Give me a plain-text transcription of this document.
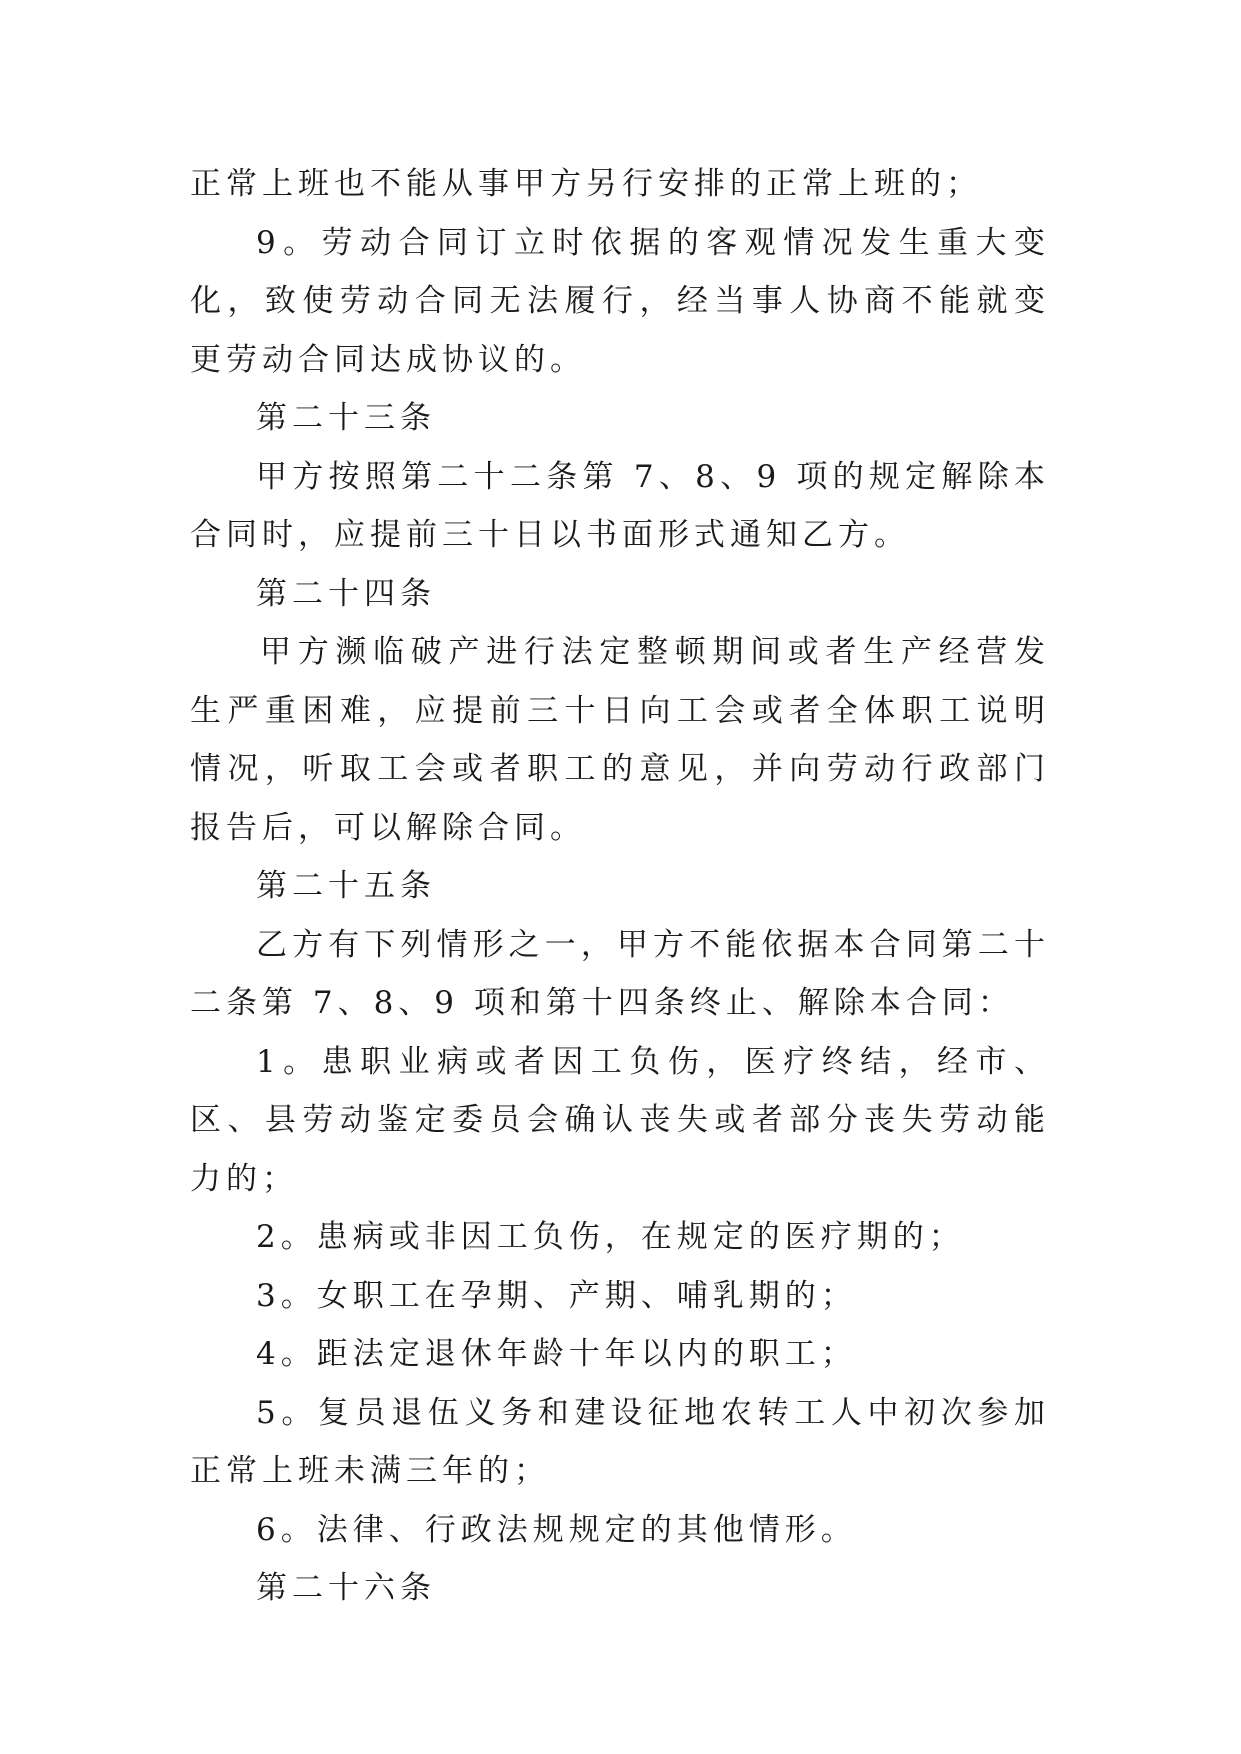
正常上班也不能从事甲方另行安排的正常上班的；

9。劳动合同订立时依据的客观情况发生重大变化，致使劳动合同无法履行，经当事人协商不能就变更劳动合同达成协议的。

第二十三条

甲方按照第二十二条第 7、8、9 项的规定解除本合同时，应提前三十日以书面形式通知乙方。

第二十四条

甲方濒临破产进行法定整顿期间或者生产经营发生严重困难，应提前三十日向工会或者全体职工说明情况，听取工会或者职工的意见，并向劳动行政部门报告后，可以解除合同。

第二十五条

乙方有下列情形之一，甲方不能依据本合同第二十二条第 7、8、9 项和第十四条终止、解除本合同：

1。患职业病或者因工负伤，医疗终结，经市、区、县劳动鉴定委员会确认丧失或者部分丧失劳动能力的；

2。患病或非因工负伤，在规定的医疗期的；

3。女职工在孕期、产期、哺乳期的；

4。距法定退休年龄十年以内的职工；

5。复员退伍义务和建设征地农转工人中初次参加正常上班未满三年的；

6。法律、行政法规规定的其他情形。

第二十六条
